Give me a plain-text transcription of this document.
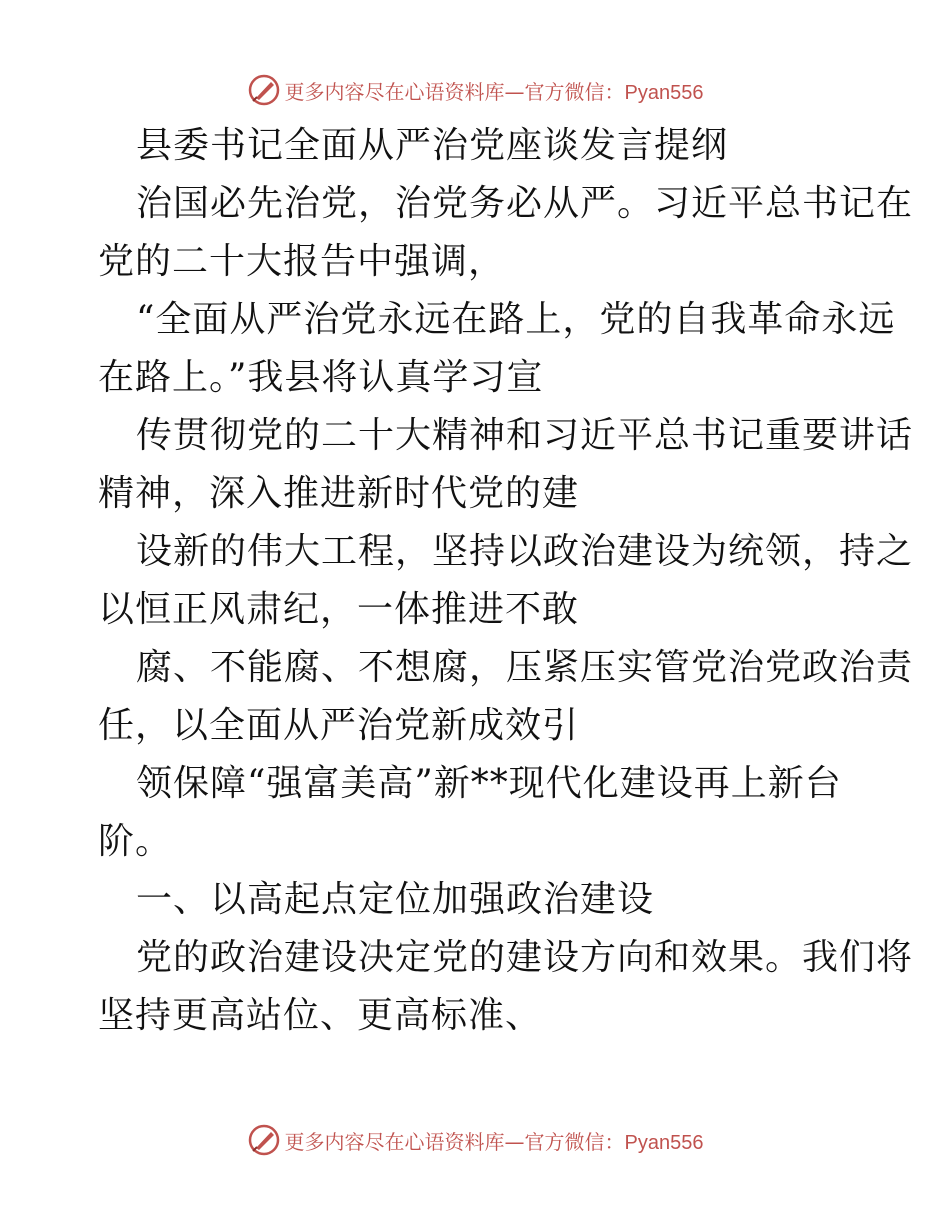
更多内容尽在心语资料库—官方微信：Pyan556
县委书记全面从严治党座谈发言提纲
治国必先治党，治党务必从严。习近平总书记在
党的二十大报告中强调，
“全面从严治党永远在路上，党的自我革命永远
在路上。”我县将认真学习宣
传贯彻党的二十大精神和习近平总书记重要讲话
精神，深入推进新时代党的建
设新的伟大工程，坚持以政治建设为统领，持之
以恒正风肃纪，一体推进不敢
腐、不能腐、不想腐，压紧压实管党治党政治责
任，以全面从严治党新成效引
领保障“强富美高”新**现代化建设再上新台
阶。
一、以高起点定位加强政治建设
党的政治建设决定党的建设方向和效果。我们将
坚持更高站位、更高标准、
更多内容尽在心语资料库—官方微信：Pyan556
